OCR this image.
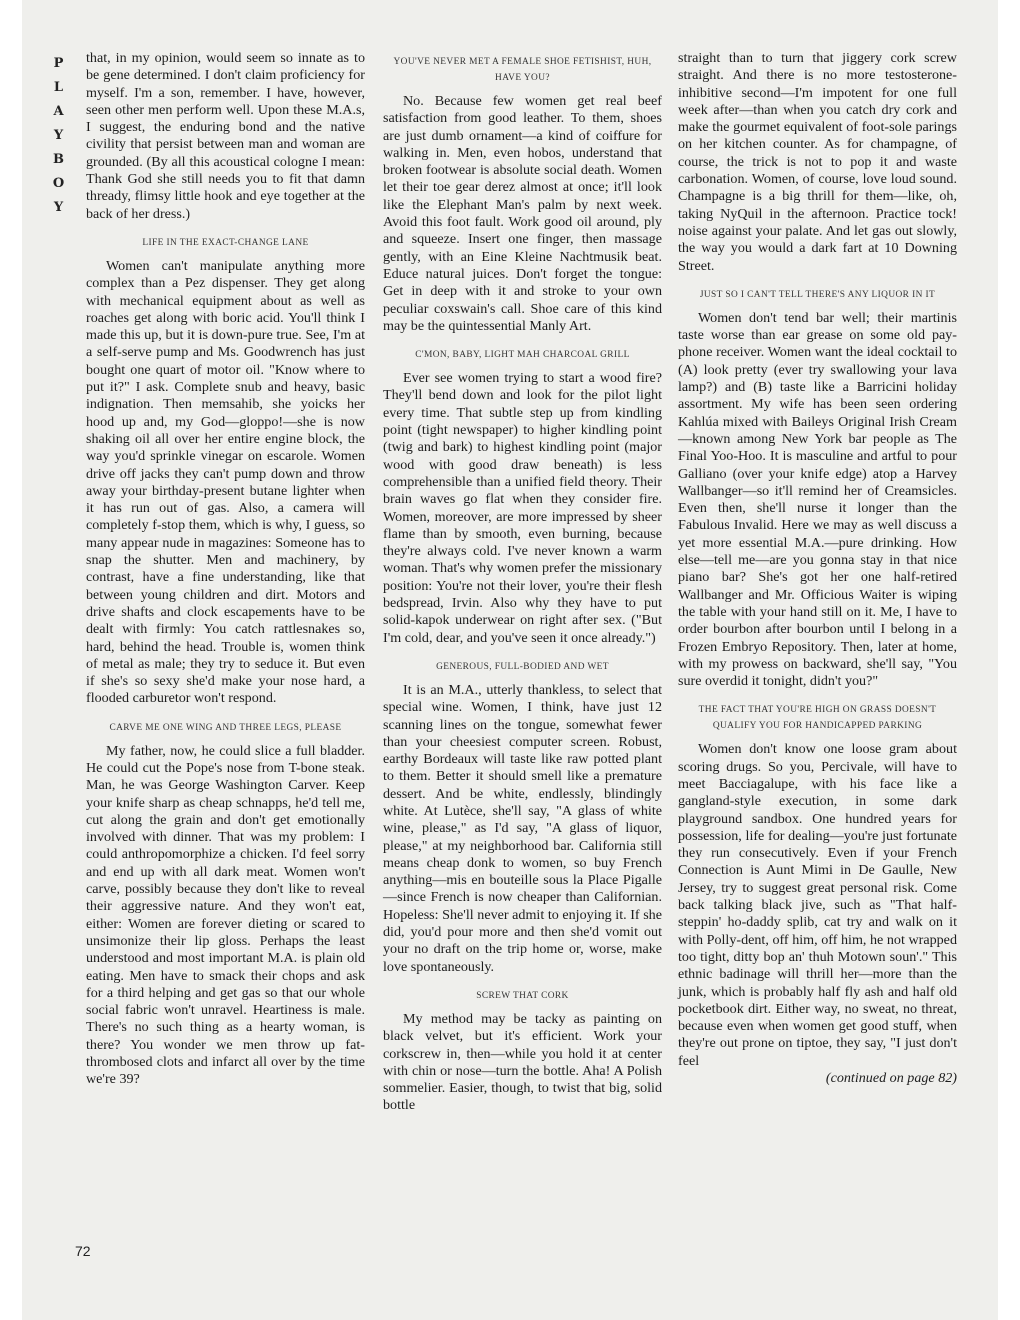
PLAYBOY
72

that, in my opinion, would seem so innate as to be gene determined. I don't claim proficiency for myself. I'm a son, remember. I have, however, seen other men perform well. Upon these M.A.s, I suggest, the enduring bond and the native civility that persist between man and woman are grounded. (By all this acoustical cologne I mean: Thank God she still needs you to fit that damn thready, flimsy little hook and eye together at the back of her dress.)

LIFE IN THE EXACT-CHANGE LANE

Women can't manipulate anything more complex than a Pez dispenser. They get along with mechanical equipment about as well as roaches get along with boric acid. You'll think I made this up, but it is down-pure true. See, I'm at a self-serve pump and Ms. Goodwrench has just bought one quart of motor oil. "Know where to put it?" I ask. Complete snub and heavy, basic indignation. Then memsahib, she yoicks her hood up and, my God—gloppo!—she is now shaking oil all over her entire engine block, the way you'd sprinkle vinegar on escarole. Women drive off jacks they can't pump down and throw away your birthday-present butane lighter when it has run out of gas. Also, a camera will completely f-stop them, which is why, I guess, so many appear nude in magazines: Someone has to snap the shutter. Men and machinery, by contrast, have a fine understanding, like that between young children and dirt. Motors and drive shafts and clock escapements have to be dealt with firmly: You catch rattlesnakes so, hard, behind the head. Trouble is, women think of metal as male; they try to seduce it. But even if she's so sexy she'd make your nose hard, a flooded carburetor won't respond.

CARVE ME ONE WING AND THREE LEGS, PLEASE

My father, now, he could slice a full bladder. He could cut the Pope's nose from T-bone steak. Man, he was George Washington Carver. Keep your knife sharp as cheap schnapps, he'd tell me, cut along the grain and don't get emotionally involved with dinner. That was my problem: I could anthropomorphize a chicken. I'd feel sorry and end up with all dark meat. Women won't carve, possibly because they don't like to reveal their aggressive nature. And they won't eat, either: Women are forever dieting or scared to unsimonize their lip gloss. Perhaps the least understood and most important M.A. is plain old eating. Men have to smack their chops and ask for a third helping and get gas so that our whole social fabric won't unravel. Heartiness is male. There's no such thing as a hearty woman, is there? You wonder we men throw up fat-thrombosed clots and infarct all over by the time we're 39?

YOU'VE NEVER MET A FEMALE SHOE FETISHIST, HUH, HAVE YOU?

No. Because few women get real beef satisfaction from good leather. To them, shoes are just dumb ornament—a kind of coiffure for walking in. Men, even hobos, understand that broken footwear is absolute social death. Women let their toe gear derez almost at once; it'll look like the Elephant Man's palm by next week. Avoid this foot fault. Work good oil around, ply and squeeze. Insert one finger, then massage gently, with an Eine Kleine Nachtmusik beat. Educe natural juices. Don't forget the tongue: Get in deep with it and stroke to your own peculiar coxswain's call. Shoe care of this kind may be the quintessential Manly Art.

C'MON, BABY, LIGHT MAH CHARCOAL GRILL

Ever see women trying to start a wood fire? They'll bend down and look for the pilot light every time. That subtle step up from kindling point (tight newspaper) to higher kindling point (twig and bark) to highest kindling point (major wood with good draw beneath) is less comprehensible than a unified field theory. Their brain waves go flat when they consider fire. Women, moreover, are more impressed by sheer flame than by smooth, even burning, because they're always cold. I've never known a warm woman. That's why women prefer the missionary position: You're not their lover, you're their flesh bedspread, Irvin. Also why they have to put solid-kapok underwear on right after sex. ("But I'm cold, dear, and you've seen it once already.")

GENEROUS, FULL-BODIED AND WET

It is an M.A., utterly thankless, to select that special wine. Women, I think, have just 12 scanning lines on the tongue, somewhat fewer than your cheesiest computer screen. Robust, earthy Bordeaux will taste like raw potted plant to them. Better it should smell like a premature dessert. And be white, endlessly, blindingly white. At Lutèce, she'll say, "A glass of white wine, please," as I'd say, "A glass of liquor, please," at my neighborhood bar. California still means cheap donk to women, so buy French anything—mis en bouteille sous la Place Pigalle—since French is now cheaper than Californian. Hopeless: She'll never admit to enjoying it. If she did, you'd pour more and then she'd vomit out your no draft on the trip home or, worse, make love spontaneously.

SCREW THAT CORK

My method may be tacky as painting on black velvet, but it's efficient. Work your corkscrew in, then—while you hold it at center with chin or nose—turn the bottle. Aha! A Polish sommelier. Easier, though, to twist that big, solid bottle

straight than to turn that jiggery cork screw straight. And there is no more testosterone-inhibitive second—I'm impotent for one full week after—than when you catch dry cork and make the gourmet equivalent of foot-sole parings on her kitchen counter. As for champagne, of course, the trick is not to pop it and waste carbonation. Women, of course, love loud sound. Champagne is a big thrill for them—like, oh, taking NyQuil in the afternoon. Practice tock! noise against your palate. And let gas out slowly, the way you would a dark fart at 10 Downing Street.

JUST SO I CAN'T TELL THERE'S ANY LIQUOR IN IT

Women don't tend bar well; their martinis taste worse than ear grease on some old pay-phone receiver. Women want the ideal cocktail to (A) look pretty (ever try swallowing your lava lamp?) and (B) taste like a Barricini holiday assortment. My wife has been seen ordering Kahlúa mixed with Baileys Original Irish Cream—known among New York bar people as The Final Yoo-Hoo. It is masculine and artful to pour Galliano (over your knife edge) atop a Harvey Wallbanger—so it'll remind her of Creamsicles. Even then, she'll nurse it longer than the Fabulous Invalid. Here we may as well discuss a yet more essential M.A.—pure drinking. How else—tell me—are you gonna stay in that nice piano bar? She's got her one half-retired Wallbanger and Mr. Officious Waiter is wiping the table with your hand still on it. Me, I have to order bourbon after bourbon until I belong in a Frozen Embryo Repository. Then, later at home, with my prowess on backward, she'll say, "You sure overdid it tonight, didn't you?"

THE FACT THAT YOU'RE HIGH ON GRASS DOESN'T QUALIFY YOU FOR HANDICAPPED PARKING

Women don't know one loose gram about scoring drugs. So you, Percivale, will have to meet Bacciagalupe, with his face like a gangland-style execution, in some dark playground sandbox. One hundred years for possession, life for dealing—you're just fortunate they run consecutively. Even if your French Connection is Aunt Mimi in De Gaulle, New Jersey, try to suggest great personal risk. Come back talking black jive, such as "That half-steppin' ho-daddy splib, cat try and walk on it with Polly-dent, off him, off him, he not wrapped too tight, ditty bop an' thuh Motown soun'." This ethnic badinage will thrill her—more than the junk, which is probably half fly ash and half old pocketbook dirt. Either way, no sweat, no threat, because even when women get good stuff, when they're out prone on tiptoe, they say, "I just don't feel

(continued on page 82)
